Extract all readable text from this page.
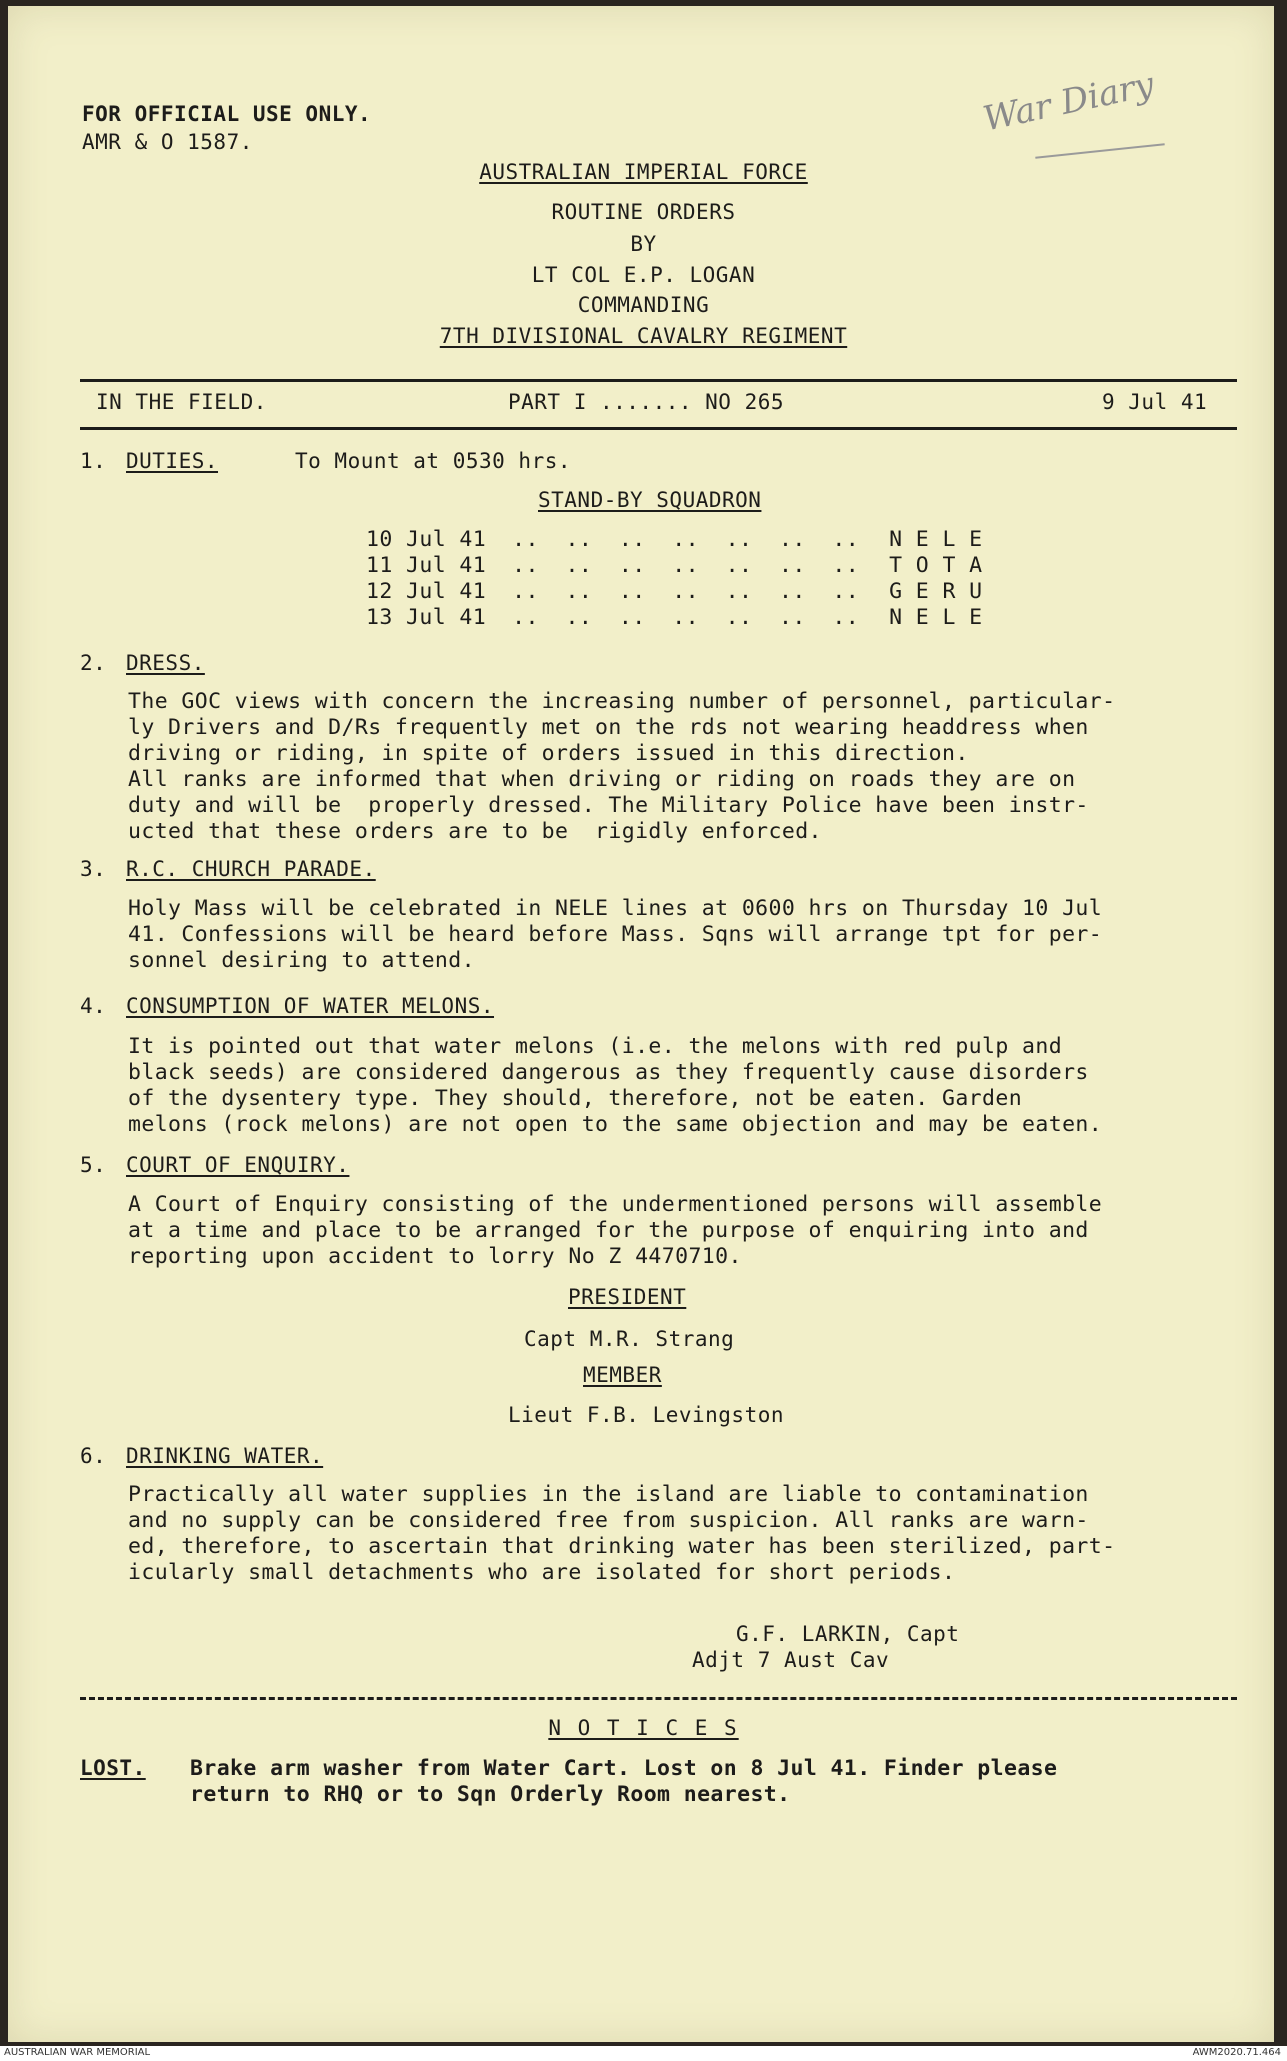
FOR OFFICIAL USE ONLY.
AMR & O 1587.
War Diary
AUSTRALIAN IMPERIAL FORCE
ROUTINE ORDERS
BY
LT COL E.P. LOGAN
COMMANDING
7TH DIVISIONAL CAVALRY REGIMENT
IN THE FIELD.	PART I ....... NO 265	9 Jul 41
1. DUTIES.	To Mount at 0530 hrs.
STAND-BY SQUADRON
10 Jul 41	..  ..  ..  ..  ..  ..  ..	N E L E
11 Jul 41	..  ..  ..  ..  ..  ..  ..	T O T A
12 Jul 41	..  ..  ..  ..  ..  ..  ..	G E R U
13 Jul 41	..  ..  ..  ..  ..  ..  ..	N E L E
2. DRESS.
The GOC views with concern the increasing number of personnel, particular-
ly Drivers and D/Rs frequently met on the rds not wearing headdress when
driving or riding, in spite of orders issued in this direction.
All ranks are informed that when driving or riding on roads they are on
duty and will be  properly dressed. The Military Police have been instr-
ucted that these orders are to be  rigidly enforced.
3. R.C. CHURCH PARADE.
Holy Mass will be celebrated in NELE lines at 0600 hrs on Thursday 10 Jul
41. Confessions will be heard before Mass. Sqns will arrange tpt for per-
sonnel desiring to attend.
4. CONSUMPTION OF WATER MELONS.
It is pointed out that water melons (i.e. the melons with red pulp and
black seeds) are considered dangerous as they frequently cause disorders
of the dysentery type. They should, therefore, not be eaten. Garden
melons (rock melons) are not open to the same objection and may be eaten.
5. COURT OF ENQUIRY.
A Court of Enquiry consisting of the undermentioned persons will assemble
at a time and place to be arranged for the purpose of enquiring into and
reporting upon accident to lorry No Z 4470710.
PRESIDENT
Capt M.R. Strang
MEMBER
Lieut F.B. Levingston
6. DRINKING WATER.
Practically all water supplies in the island are liable to contamination
and no supply can be considered free from suspicion. All ranks are warn-
ed, therefore, to ascertain that drinking water has been sterilized, part-
icularly small detachments who are isolated for short periods.
G.F. LARKIN, Capt
Adjt 7 Aust Cav
N O T I C E S
LOST. Brake arm washer from Water Cart. Lost on 8 Jul 41. Finder please
return to RHQ or to Sqn Orderly Room nearest.
AUSTRALIAN WAR MEMORIAL	AWM2020.71.464
